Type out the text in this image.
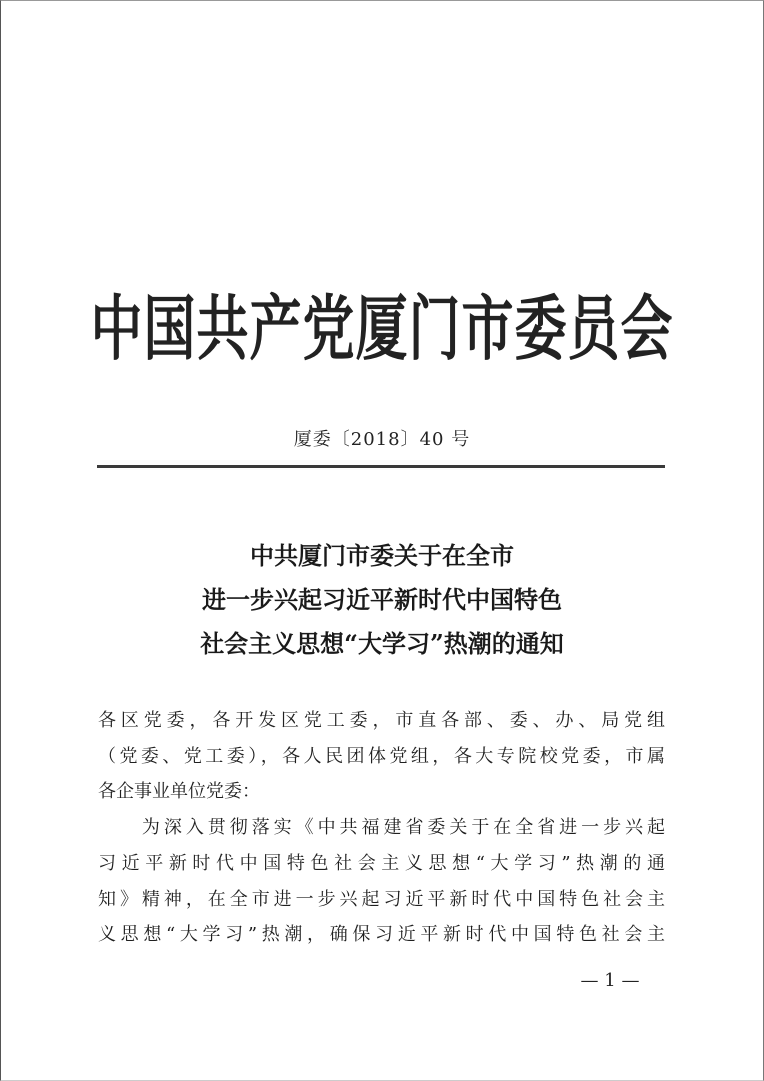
中国共产党厦门市委员会
厦委〔2018〕40 号
中共厦门市委关于在全市
进一步兴起习近平新时代中国特色
社会主义思想“大学习”热潮的通知
各区党委，各开发区党工委，市直各部、委、办、局党组
（党委、党工委），各人民团体党组，各大专院校党委，市属
各企事业单位党委：
　　为深入贯彻落实《中共福建省委关于在全省进一步兴起
习近平新时代中国特色社会主义思想“大学习”热潮的通
知》精神，在全市进一步兴起习近平新时代中国特色社会主
义思想“大学习”热潮，确保习近平新时代中国特色社会主
— 1 —
